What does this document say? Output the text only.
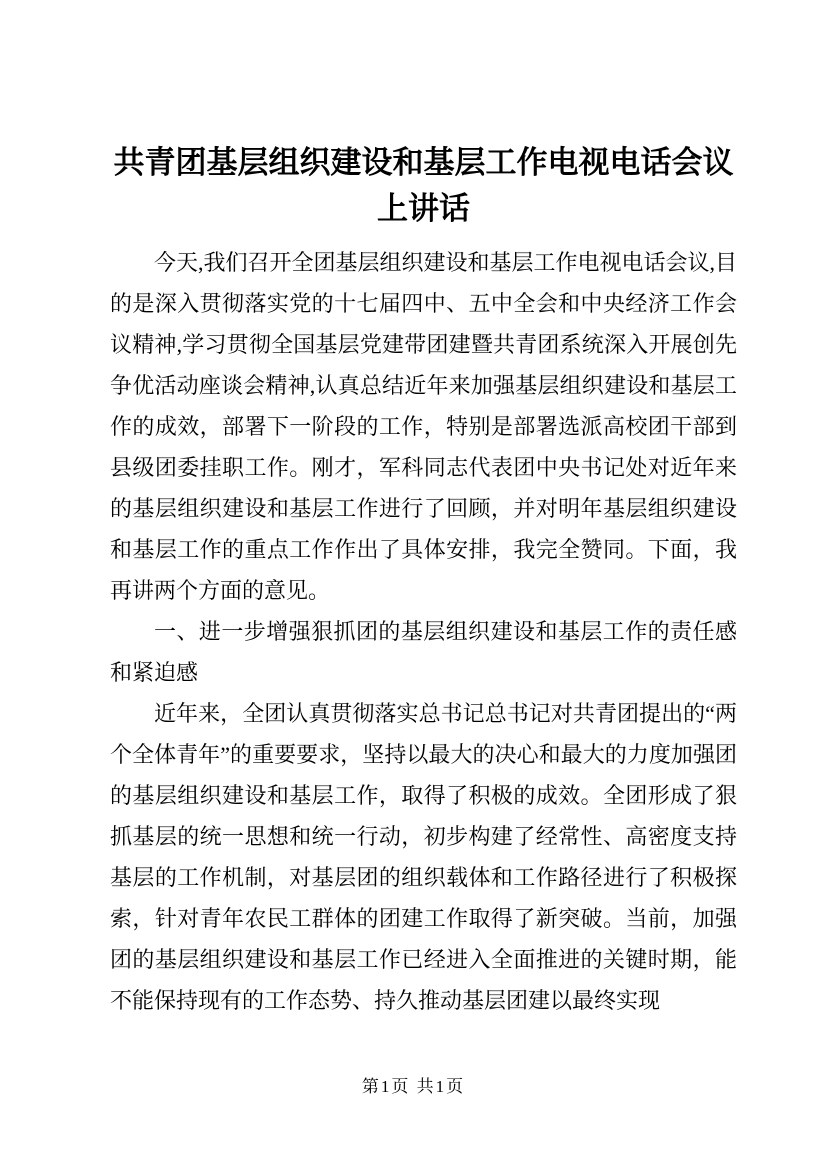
共青团基层组织建设和基层工作电视电话会议上讲话

今天,我们召开全团基层组织建设和基层工作电视电话会议,目的是深入贯彻落实党的十七届四中、五中全会和中央经济工作会议精神,学习贯彻全国基层党建带团建暨共青团系统深入开展创先争优活动座谈会精神,认真总结近年来加强基层组织建设和基层工作的成效，部署下一阶段的工作，特别是部署选派高校团干部到县级团委挂职工作。刚才，军科同志代表团中央书记处对近年来的基层组织建设和基层工作进行了回顾，并对明年基层组织建设和基层工作的重点工作作出了具体安排，我完全赞同。下面，我再讲两个方面的意见。

一、进一步增强狠抓团的基层组织建设和基层工作的责任感和紧迫感

近年来，全团认真贯彻落实总书记总书记对共青团提出的“两个全体青年”的重要要求，坚持以最大的决心和最大的力度加强团的基层组织建设和基层工作，取得了积极的成效。全团形成了狠抓基层的统一思想和统一行动，初步构建了经常性、高密度支持基层的工作机制，对基层团的组织载体和工作路径进行了积极探索，针对青年农民工群体的团建工作取得了新突破。当前，加强团的基层组织建设和基层工作已经进入全面推进的关键时期，能不能保持现有的工作态势、持久推动基层团建以最终实现

第1页 共1页
